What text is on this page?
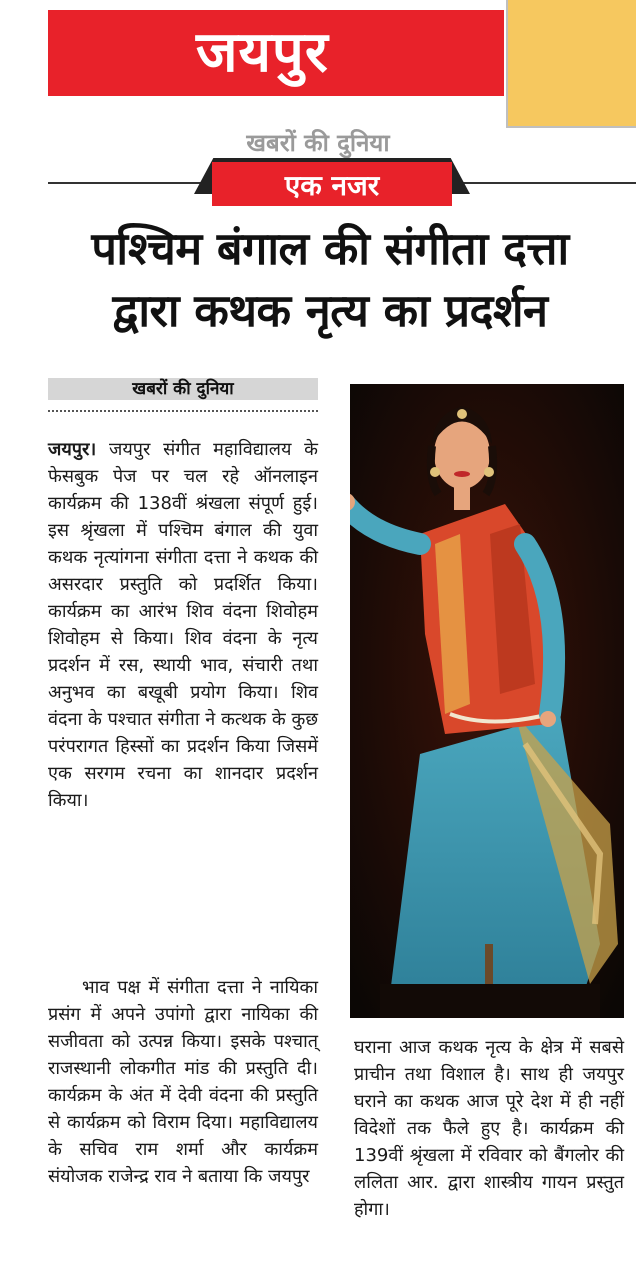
जयपुर
खबरों की दुनिया
एक नजर
पश्चिम बंगाल की संगीता दत्ता
द्वारा कथक नृत्य का प्रदर्शन
खबरों की दुनिया

जयपुर। जयपुर संगीत महाविद्यालय के फेसबुक पेज पर चल रहे ऑनलाइन कार्यक्रम की 138वीं श्रंखला संपूर्ण हुई। इस श्रृंखला में पश्चिम बंगाल की युवा कथक नृत्यांगना संगीता दत्ता ने कथक की असरदार प्रस्तुति को प्रदर्शित किया। कार्यक्रम का आरंभ शिव वंदना शिवोहम शिवोहम से किया। शिव वंदना के नृत्य प्रदर्शन में रस, स्थायी भाव, संचारी तथा अनुभव का बखूबी प्रयोग किया। शिव वंदना के पश्चात संगीता ने कत्थक के कुछ परंपरागत हिस्सों का प्रदर्शन किया जिसमें एक सरगम रचना का शानदार प्रदर्शन किया।

भाव पक्ष में संगीता दत्ता ने नायिका प्रसंग में अपने उपांगो द्वारा नायिका की सजीवता को उत्पन्न किया। इसके पश्चात् राजस्थानी लोकगीत मांड की प्रस्तुति दी। कार्यक्रम के अंत में देवी वंदना की प्रस्तुति से कार्यक्रम को विराम दिया। महाविद्यालय के सचिव राम शर्मा और कार्यक्रम संयोजक राजेन्द्र राव ने बताया कि जयपुर

घराना आज कथक नृत्य के क्षेत्र में सबसे प्राचीन तथा विशाल है। साथ ही जयपुर घराने का कथक आज पूरे देश में ही नहीं विदेशों तक फैले हुए है। कार्यक्रम की 139वीं श्रृंखला में रविवार को बैंगलोर की ललिता आर. द्वारा शास्त्रीय गायन प्रस्तुत होगा।
